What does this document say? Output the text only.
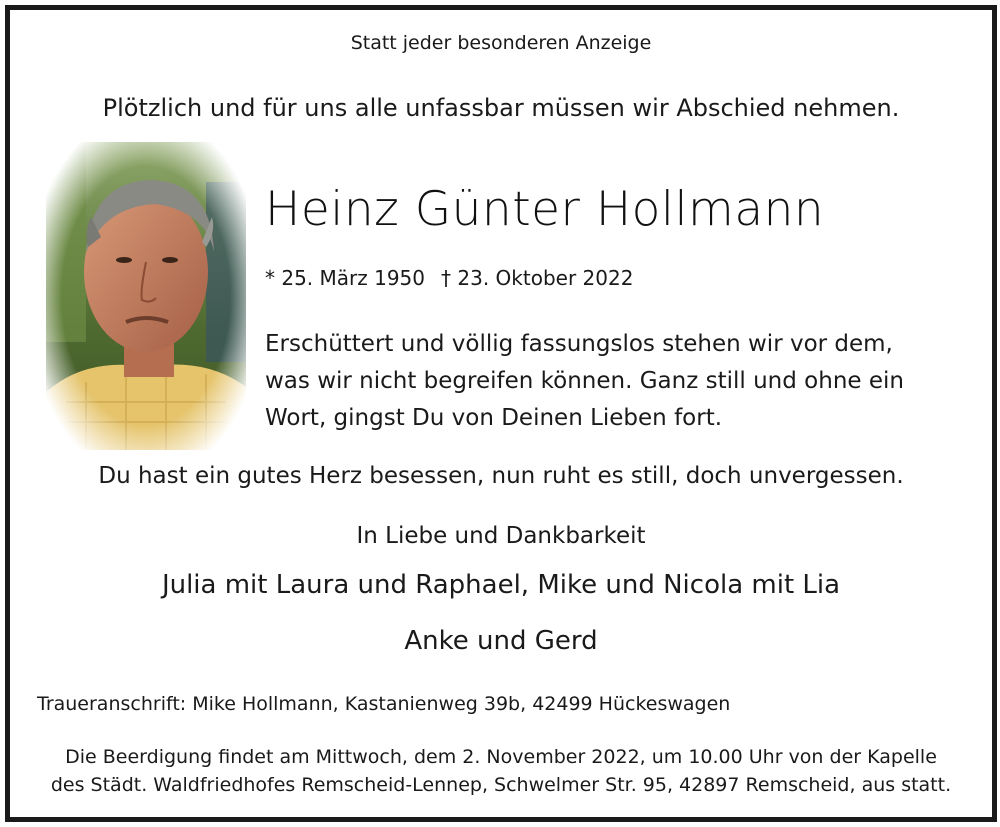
Statt jeder besonderen Anzeige
Plötzlich und für uns alle unfassbar müssen wir Abschied nehmen.
Heinz Günter Hollmann
* 25. März 1950 † 23. Oktober 2022
Erschüttert und völlig fassungslos stehen wir vor dem,
was wir nicht begreifen können. Ganz still und ohne ein
Wort, gingst Du von Deinen Lieben fort.
Du hast ein gutes Herz besessen, nun ruht es still, doch unvergessen.
In Liebe und Dankbarkeit
Julia mit Laura und Raphael, Mike und Nicola mit Lia
Anke und Gerd
Traueranschrift: Mike Hollmann, Kastanienweg 39b, 42499 Hückeswagen
Die Beerdigung findet am Mittwoch, dem 2. November 2022, um 10.00 Uhr von der Kapelle
des Städt. Waldfriedhofes Remscheid-Lennep, Schwelmer Str. 95, 42897 Remscheid, aus statt.
